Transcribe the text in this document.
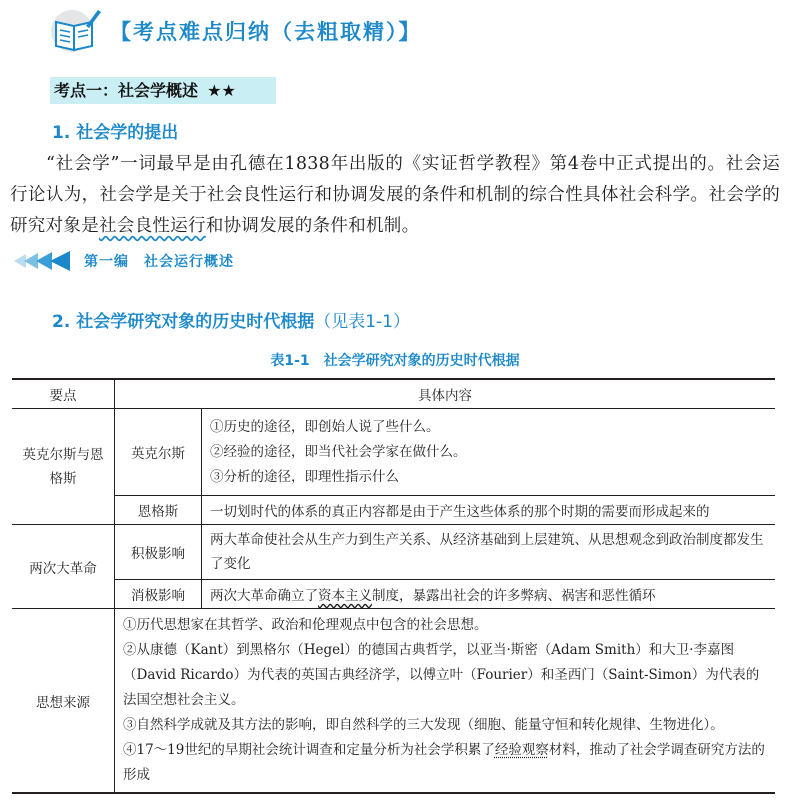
【考点难点归纳（去粗取精）】
考点一：社会学概述 ★★
1. 社会学的提出

“社会学”一词最早是由孔德在1838年出版的《实证哲学教程》第4卷中正式提出的。社会运行论认为，社会学是关于社会良性运行和协调发展的条件和机制的综合性具体社会科学。社会学的研究对象是社会良性运行和协调发展的条件和机制。

第一编　社会运行概述
2. 社会学研究对象的历史时代根据（见表1-1）
表1-1　社会学研究对象的历史时代根据
要点	具体内容	
英克尔斯与恩格斯	英克尔斯	①历史的途径，即创始人说了些什么。
②经验的途径，即当代社会学家在做什么。
③分析的途径，即理性指示什么

	恩格斯	一切划时代的体系的真正内容都是由于产生这些体系的那个时期的需要而形成起来的
两次大革命	积极影响	两大革命使社会从生产力到生产关系、从经济基础到上层建筑、从思想观念到政治制度都发生了变化
	消极影响	两次大革命确立了资本主义制度，暴露出社会的许多弊病、祸害和恶性循环
思想来源	①历代思想家在其哲学、政治和伦理观点中包含的社会思想。
②从康德（Kant）到黑格尔（Hegel）的德国古典哲学，以亚当·斯密（Adam Smith）和大卫·李嘉图（David Ricardo）为代表的英国古典经济学，以傅立叶（Fourier）和圣西门（Saint-Simon）为代表的法国空想社会主义。
③自然科学成就及其方法的影响，即自然科学的三大发现（细胞、能量守恒和转化规律、生物进化）。
④17～19世纪的早期社会统计调查和定量分析为社会学积累了经验观察材料，推动了社会学调查研究方法的形成	
